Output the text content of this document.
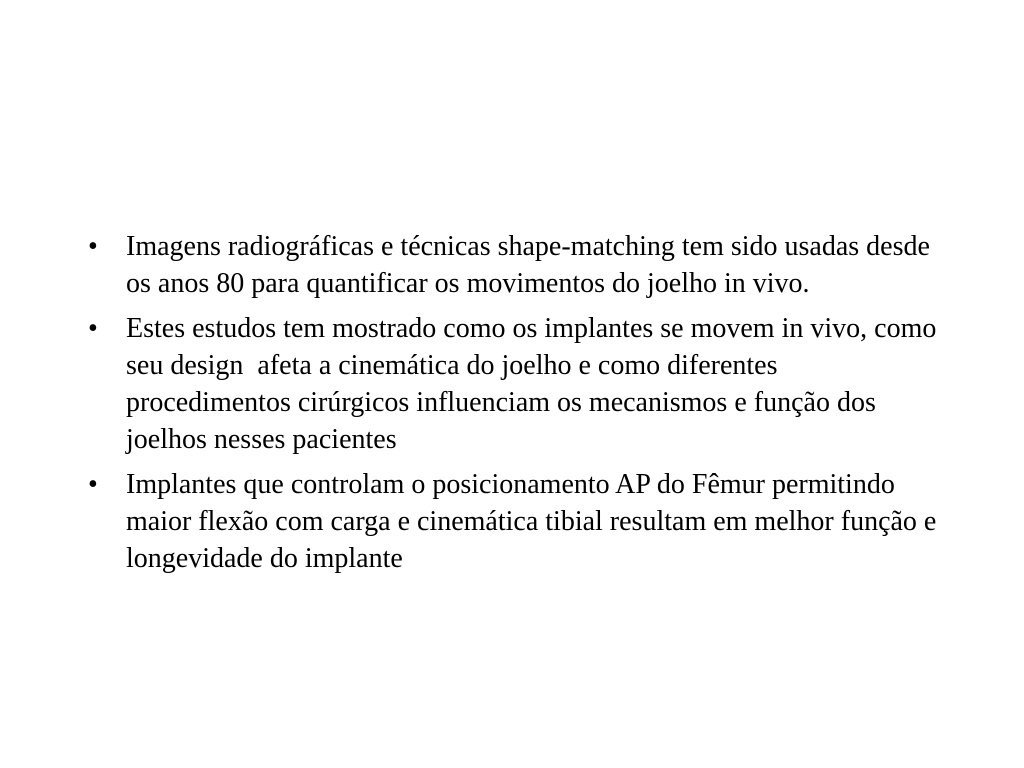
•	Imagens radiográficas e técnicas shape-matching tem sido usadas desde os anos 80 para quantificar os movimentos do joelho in vivo.
•	Estes estudos tem mostrado como os implantes se movem in vivo, como seu design  afeta a cinemática do joelho e como diferentes procedimentos cirúrgicos influenciam os mecanismos e função dos joelhos nesses pacientes
•	Implantes que controlam o posicionamento AP do Fêmur permitindo maior flexão com carga e cinemática tibial resultam em melhor função e longevidade do implante
